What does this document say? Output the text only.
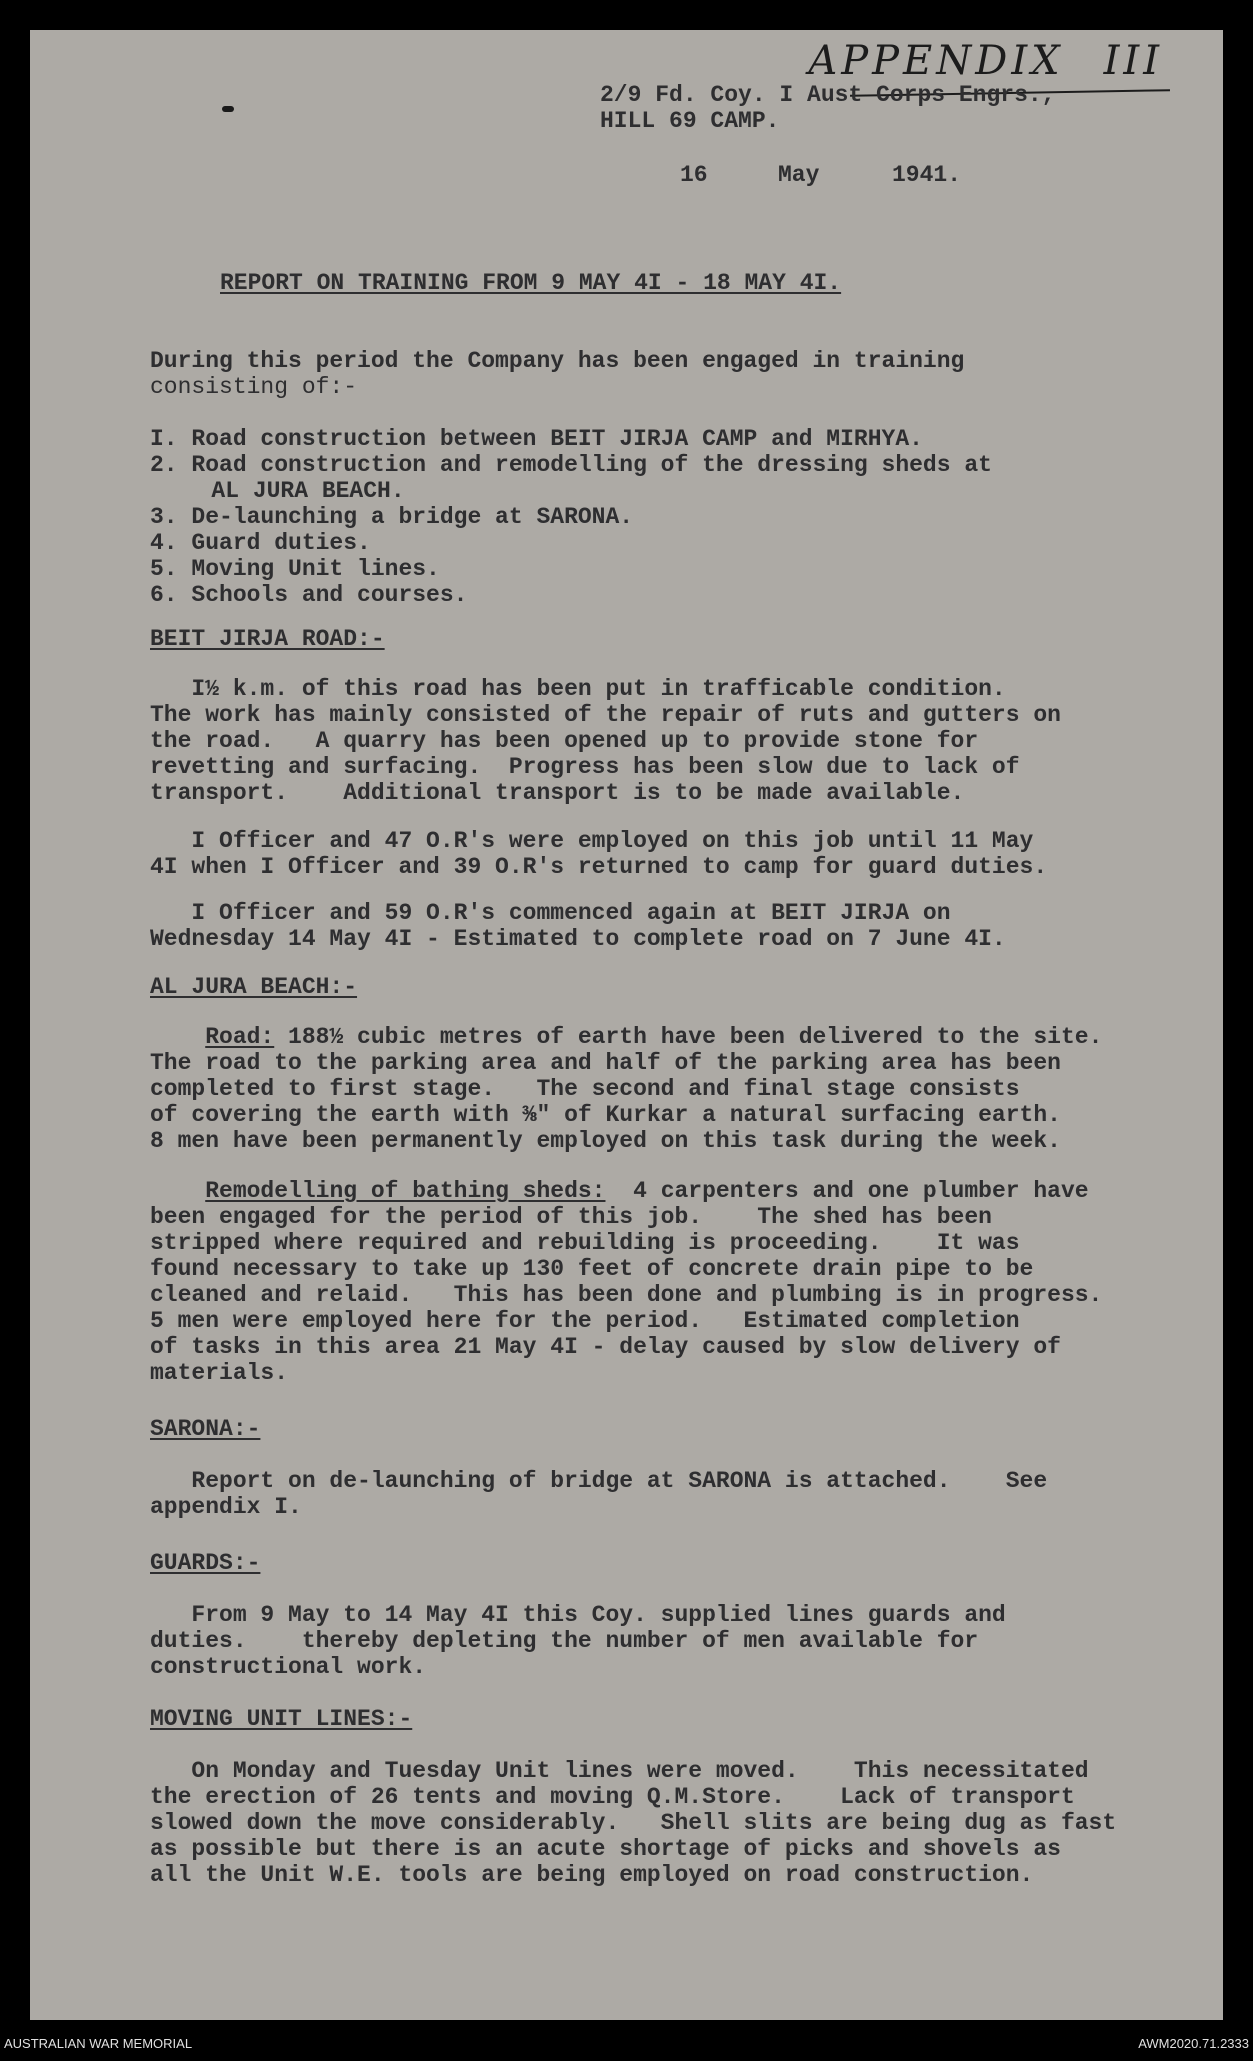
APPENDIX III
2/9 Fd. Coy. I Aust Corps Engrs.,
HILL 69 CAMP.
16	May	1941.
REPORT ON TRAINING FROM 9 MAY 4I - 18 MAY 4I.
During this period the Company has been engaged in training
consisting of:-
I. Road construction between BEIT JIRJA CAMP and MIRHYA.
2. Road construction and remodelling of the dressing sheds at
AL JURA BEACH.
3. De-launching a bridge at SARONA.
4. Guard duties.
5. Moving Unit lines.
6. Schools and courses.
BEIT JIRJA ROAD:-
I½ k.m. of this road has been put in trafficable condition.
The work has mainly consisted of the repair of ruts and gutters on
the road.   A quarry has been opened up to provide stone for
revetting and surfacing.  Progress has been slow due to lack of
transport.    Additional transport is to be made available.
I Officer and 47 O.R's were employed on this job until 11 May
4I when I Officer and 39 O.R's returned to camp for guard duties.
I Officer and 59 O.R's commenced again at BEIT JIRJA on
Wednesday 14 May 4I - Estimated to complete road on 7 June 4I.
AL JURA BEACH:-
Road: 188½ cubic metres of earth have been delivered to the site.
The road to the parking area and half of the parking area has been
completed to first stage.   The second and final stage consists
of covering the earth with ⅜" of Kurkar a natural surfacing earth.
8 men have been permanently employed on this task during the week.
Remodelling of bathing sheds:  4 carpenters and one plumber have
been engaged for the period of this job.    The shed has been
stripped where required and rebuilding is proceeding.    It was
found necessary to take up 130 feet of concrete drain pipe to be
cleaned and relaid.   This has been done and plumbing is in progress.
5 men were employed here for the period.   Estimated completion
of tasks in this area 21 May 4I - delay caused by slow delivery of
materials.
SARONA:-
Report on de-launching of bridge at SARONA is attached.    See
appendix I.
GUARDS:-
From 9 May to 14 May 4I this Coy. supplied lines guards and
duties.    thereby depleting the number of men available for
constructional work.
MOVING UNIT LINES:-
On Monday and Tuesday Unit lines were moved.    This necessitated
the erection of 26 tents and moving Q.M.Store.    Lack of transport
slowed down the move considerably.   Shell slits are being dug as fast
as possible but there is an acute shortage of picks and shovels as
all the Unit W.E. tools are being employed on road construction.
AUSTRALIAN WAR MEMORIAL	AWM2020.71.2333
